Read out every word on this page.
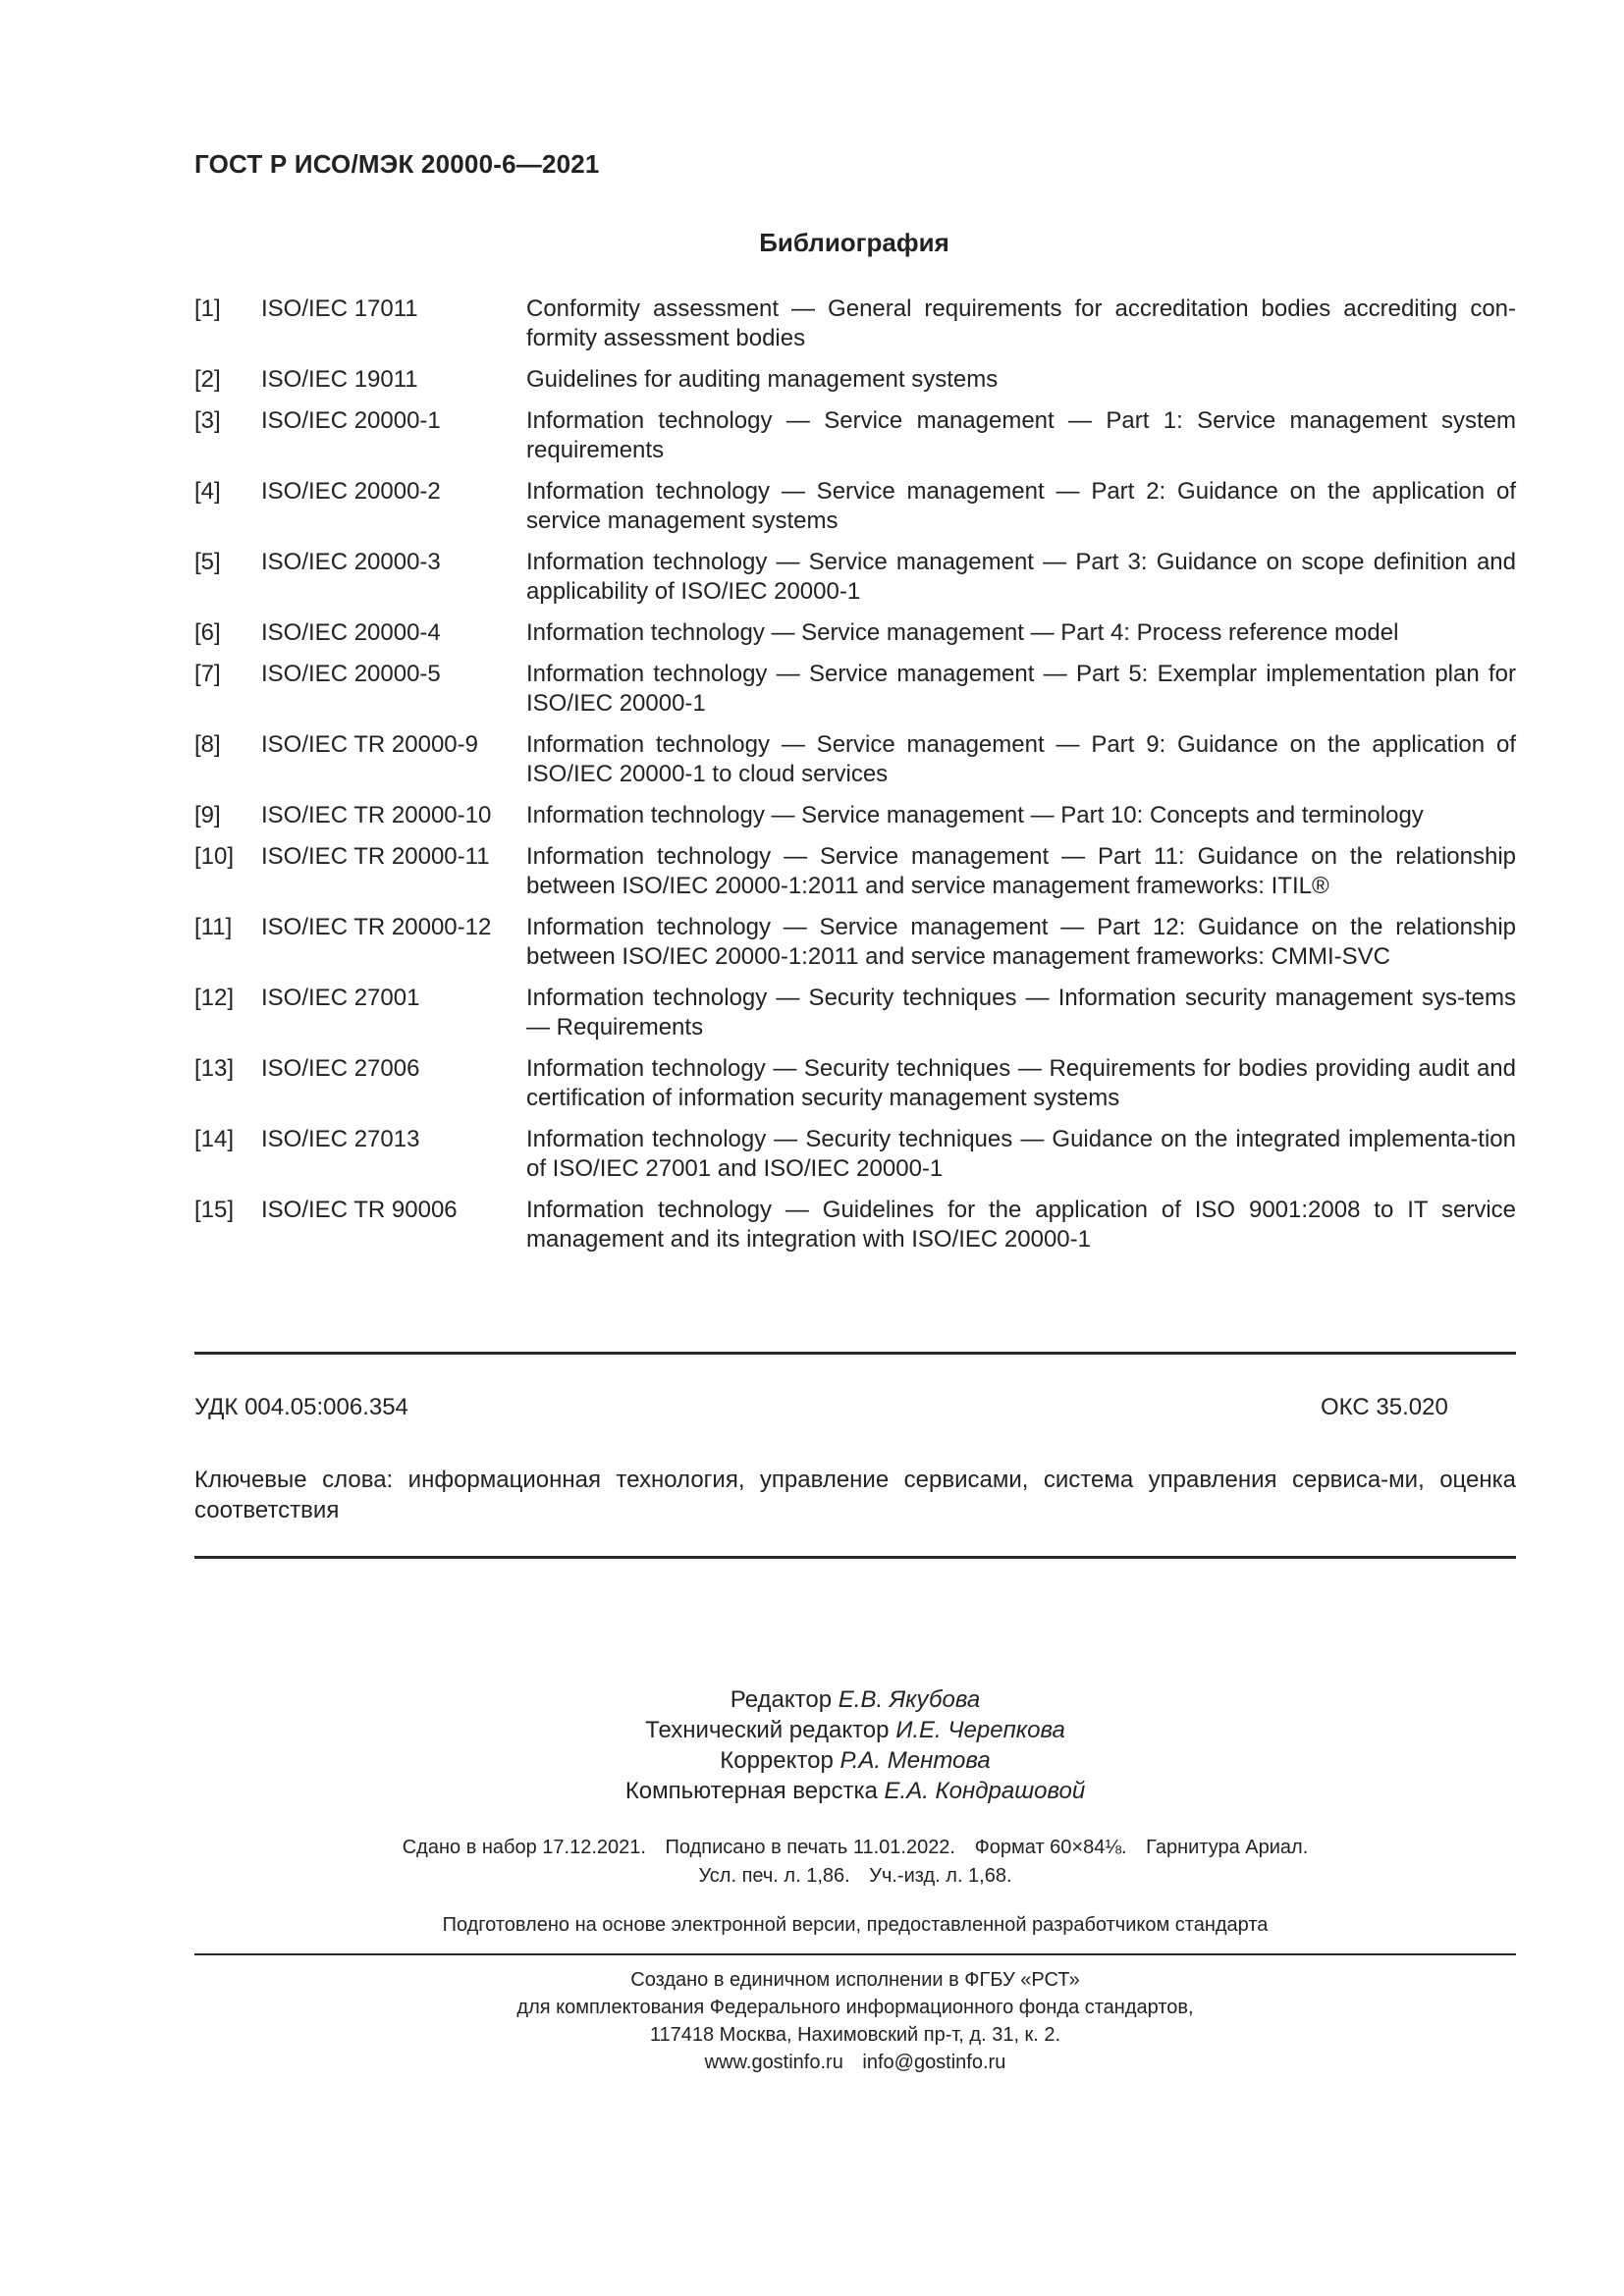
ГОСТ Р ИСО/МЭК 20000-6—2021
Библиография
[1]	ISO/IEC 17011	Conformity assessment — General requirements for accreditation bodies accrediting con-formity assessment bodies
[2]	ISO/IEC 19011	Guidelines for auditing management systems
[3]	ISO/IEC 20000-1	Information technology — Service management — Part 1: Service management system requirements
[4]	ISO/IEC 20000-2	Information technology — Service management — Part 2: Guidance on the application of service management systems
[5]	ISO/IEC 20000-3	Information technology — Service management — Part 3: Guidance on scope definition and applicability of ISO/IEC 20000-1
[6]	ISO/IEC 20000-4	Information technology — Service management — Part 4: Process reference model
[7]	ISO/IEC 20000-5	Information technology — Service management — Part 5: Exemplar implementation plan for ISO/IEC 20000-1
[8]	ISO/IEC TR 20000-9	Information technology — Service management — Part 9: Guidance on the application of ISO/IEC 20000-1 to cloud services
[9]	ISO/IEC TR 20000-10	Information technology — Service management — Part 10: Concepts and terminology
[10]	ISO/IEC TR 20000-11	Information technology — Service management — Part 11: Guidance on the relationship between ISO/IEC 20000-1:2011 and service management frameworks: ITIL®
[11]	ISO/IEC TR 20000-12	Information technology — Service management — Part 12: Guidance on the relationship between ISO/IEC 20000-1:2011 and service management frameworks: CMMI-SVC
[12]	ISO/IEC 27001	Information technology — Security techniques — Information security management sys-tems — Requirements
[13]	ISO/IEC 27006	Information technology — Security techniques — Requirements for bodies providing audit and certification of information security management systems
[14]	ISO/IEC 27013	Information technology — Security techniques — Guidance on the integrated implementa-tion of ISO/IEC 27001 and ISO/IEC 20000-1
[15]	ISO/IEC TR 90006	Information technology — Guidelines for the application of ISO 9001:2008 to IT service management and its integration with ISO/IEC 20000-1
УДК 004.05:006.354	ОКС 35.020
Ключевые слова: информационная технология, управление сервисами, система управления сервиса-ми, оценка соответствия
Редактор Е.В. Якубова
Технический редактор И.Е. Черепкова
Корректор Р.А. Ментова
Компьютерная верстка Е.А. Кондрашовой
Сдано в набор 17.12.2021. Подписано в печать 11.01.2022. Формат 60×84⅛. Гарнитура Ариал.
Усл. печ. л. 1,86. Уч.-изд. л. 1,68.
Подготовлено на основе электронной версии, предоставленной разработчиком стандарта
Создано в единичном исполнении в ФГБУ «РСТ»
для комплектования Федерального информационного фонда стандартов,
117418 Москва, Нахимовский пр-т, д. 31, к. 2.
www.gostinfo.ru info@gostinfo.ru
